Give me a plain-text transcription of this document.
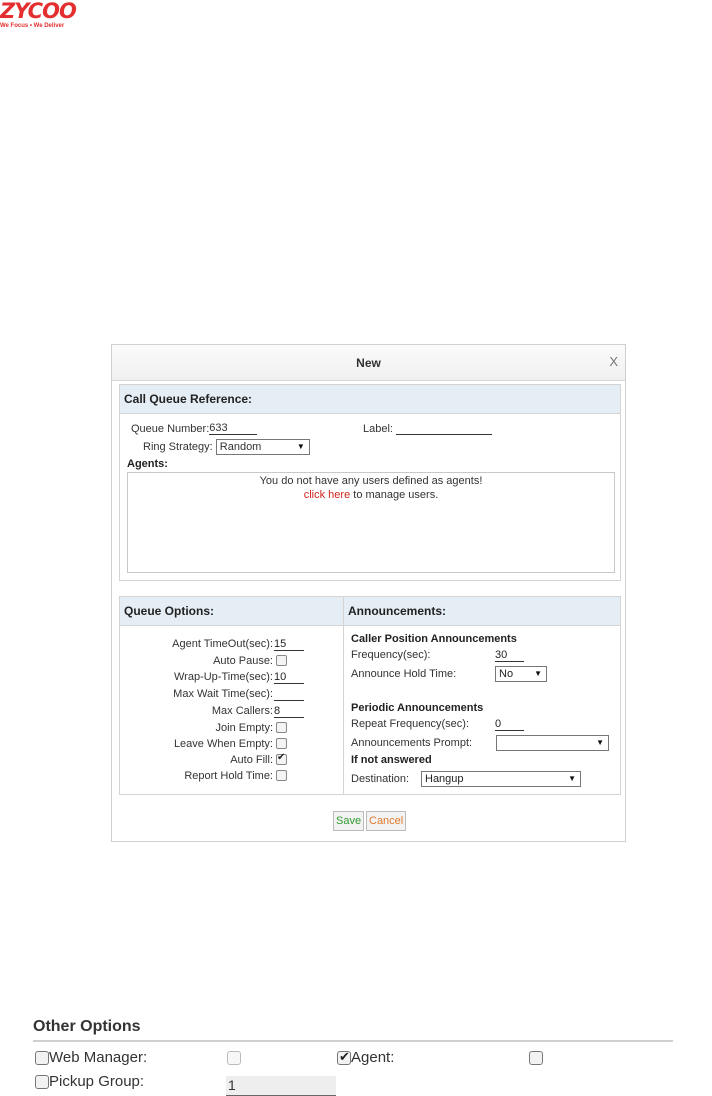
ZYCOO
We Focus • We Deliver
New	X
Call Queue Reference:
Queue Number:633	Label:
Ring Strategy: Random	▼
Agents:
You do not have any users defined as agents!
click here to manage users.
Queue Options:	Announcements:
Agent TimeOut(sec): 15
Auto Pause:
Wrap-Up-Time(sec): 10
Max Wait Time(sec):
Max Callers: 8
Join Empty:
Leave When Empty:
Auto Fill:
✔
Report Hold Time:
Caller Position Announcements
Frequency(sec):	30
Announce Hold Time:	No	▼
Periodic Announcements
Repeat Frequency(sec): 0
Announcements Prompt:	▼
If not answered
Destination:	Hangup	▼
Save Cancel
Other Options
Web Manager:
✔	Agent:
Pickup Group:	1
